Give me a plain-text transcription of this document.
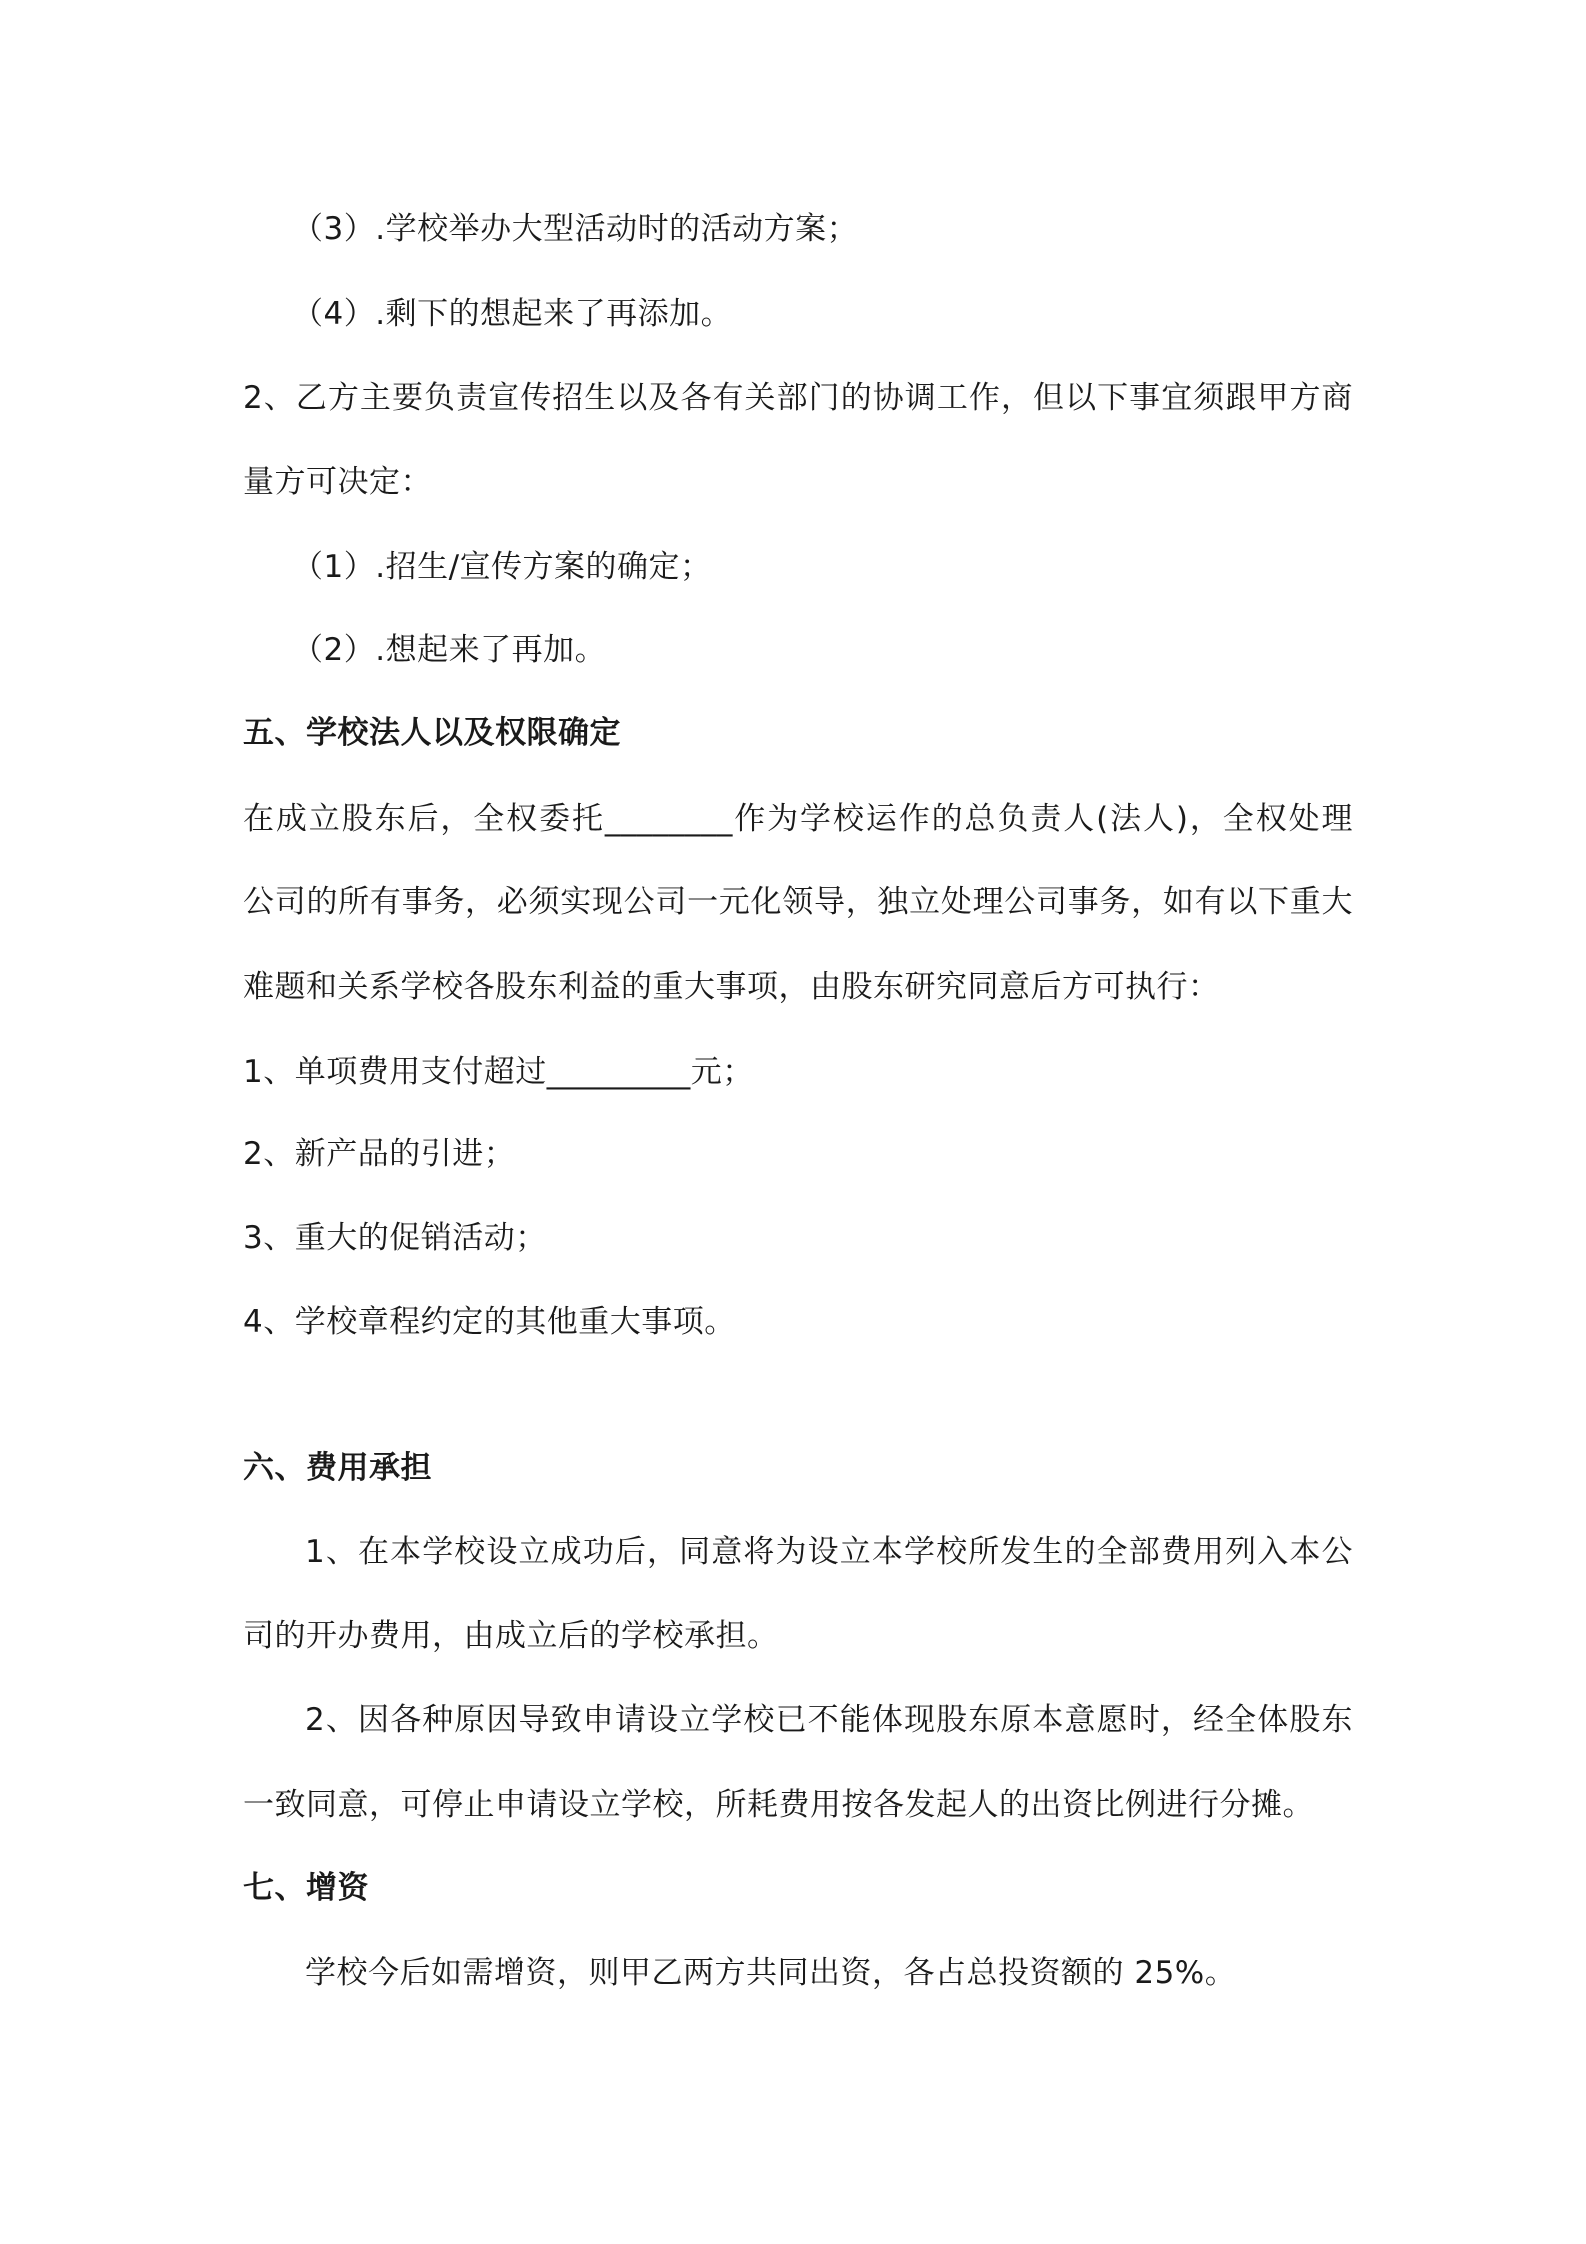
（3）.学校举办大型活动时的活动方案；
（4）.剩下的想起来了再添加。
2、乙方主要负责宣传招生以及各有关部门的协调工作，但以下事宜须跟甲方商
量方可决定：
（1）.招生/宣传方案的确定；
（2）.想起来了再加。
五、学校法人以及权限确定
在成立股东后，全权委托________作为学校运作的总负责人(法人)，全权处理
公司的所有事务，必须实现公司一元化领导，独立处理公司事务，如有以下重大
难题和关系学校各股东利益的重大事项，由股东研究同意后方可执行：
1、单项费用支付超过_________元；
2、新产品的引进；
3、重大的促销活动；
4、学校章程约定的其他重大事项。
六、费用承担
1、在本学校设立成功后，同意将为设立本学校所发生的全部费用列入本公
司的开办费用，由成立后的学校承担。
2、因各种原因导致申请设立学校已不能体现股东原本意愿时，经全体股东
一致同意，可停止申请设立学校，所耗费用按各发起人的出资比例进行分摊。
七、增资
学校今后如需增资，则甲乙两方共同出资，各占总投资额的 25%。
